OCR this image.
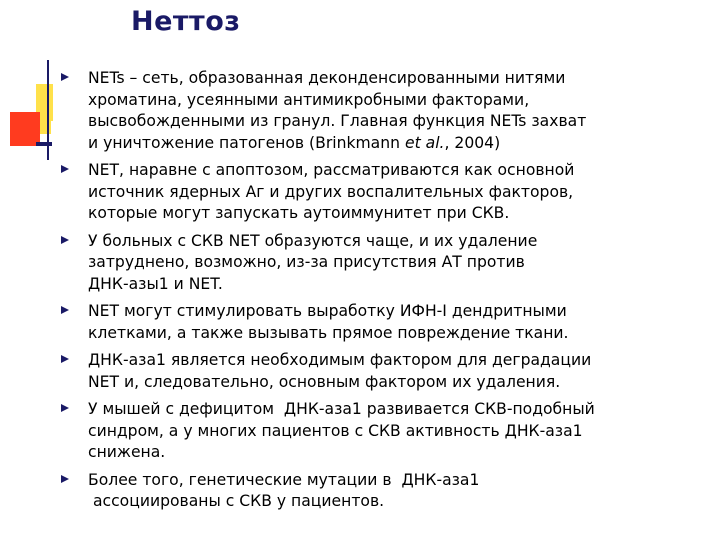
Неттоз
NETs – сеть, образованная деконденсированными нитями
хроматина, усеянными антимикробными факторами,
высвобожденными из гранул. Главная функция NETs захват
и уничтожение патогенов (Brinkmann et al., 2004)
NET, наравне с апоптозом, рассматриваются как основной
источник ядерных Аг и других воспалительных факторов,
которые могут запускать аутоиммунитет при СКВ.
У больных с СКВ NET образуются чаще, и их удаление
затруднено, возможно, из-за присутствия АТ против
ДНК-азы1 и NET.
NET могут стимулировать выработку ИФН-I дендритными
клетками, а также вызывать прямое повреждение ткани.
ДНК-аза1 является необходимым фактором для деградации
NET и, следовательно, основным фактором их удаления.
У мышей с дефицитом  ДНК-аза1 развивается СКВ-подобный
синдром, а у многих пациентов с СКВ активность ДНК-аза1
снижена.
Более того, генетические мутации в  ДНК-аза1
ассоциированы с СКВ у пациентов.
